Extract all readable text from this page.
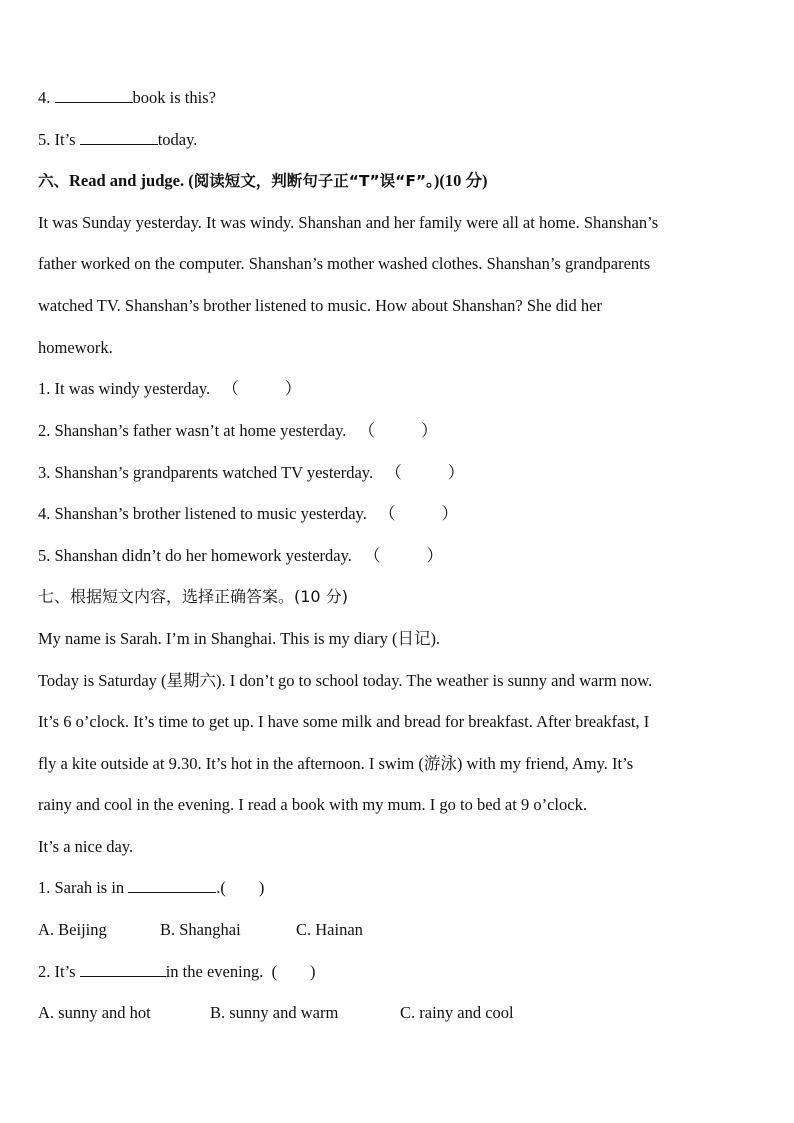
4.	book is this?
5. It’s	today.
六、Read and judge. (阅读短文，判断句子正“T”误“F”。)(10 分)
It was Sunday yesterday. It was windy. Shanshan and her family were all at home. Shanshan’s
father worked on the computer. Shanshan’s mother washed clothes. Shanshan’s grandparents
watched TV. Shanshan’s brother listened to music. How about Shanshan? She did her
homework.
1. It was windy yesterday. （	）
2. Shanshan’s father wasn’t at home yesterday. （	）
3. Shanshan’s grandparents watched TV yesterday. （	）
4. Shanshan’s brother listened to music yesterday. （	）
5. Shanshan didn’t do her homework yesterday. （	）
七、根据短文内容，选择正确答案。(10 分)
My name is Sarah. I’m in Shanghai. This is my diary (日记).
Today is Saturday (星期六). I don’t go to school today. The weather is sunny and warm now.
It’s 6 o’clock. It’s time to get up. I have some milk and bread for breakfast. After breakfast, I
fly a kite outside at 9.30. It’s hot in the afternoon. I swim (游泳) with my friend, Amy. It’s
rainy and cool in the evening. I read a book with my mum. I go to bed at 9 o’clock.
It’s a nice day.
1. Sarah is in	.(        )
A. Beijing	B. Shanghai	C. Hainan
2. It’s	in the evening.  (        )
A. sunny and hot	B. sunny and warm	C. rainy and cool
